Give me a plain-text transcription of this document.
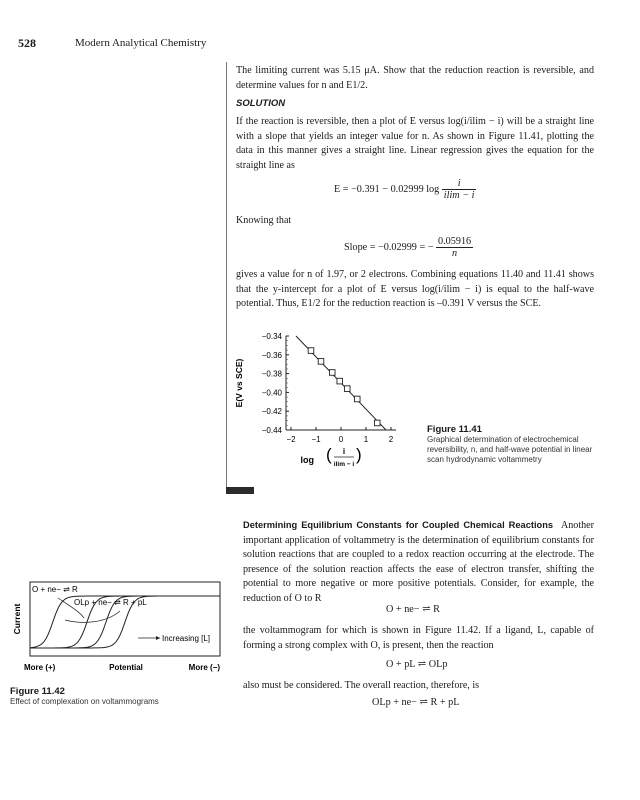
528	Modern Analytical Chemistry

The limiting current was 5.15 μA. Show that the reduction reaction is reversible, and determine values for n and E1/2.

SOLUTION

If the reaction is reversible, then a plot of E versus log(i/ilim − i) will be a straight line with a slope that yields an integer value for n. As shown in Figure 11.41, plotting the data in this manner gives a straight line. Linear regression gives the equation for the straight line as

E = −0.391 − 0.02999 $\log \frac{i}{ilim - i}$
Knowing that
Slope = −0.02999 = − $\frac{0.05916}{n}$

gives a value for n of 1.97, or 2 electrons. Combining equations 11.40 and 11.41 shows that the y-intercept for a plot of E versus log(i/ilim − i) is equal to the half-wave potential. Thus, E1/2 for the reduction reaction is –0.391 V versus the SCE.

−0.34
−0.36
−0.38
−0.40
−0.42
−0.44
−2 −1 0	1	2
E(V vs SCE)
log ( i
ilim − i
)
Figure 11.41
Graphical determination of electrochemical reversibility, n, and half-wave potential in linear scan hydrodynamic voltammetry

Determining Equilibrium Constants for Coupled Chemical Reactions Another important application of voltammetry is the determination of equilibrium constants for solution reactions that are coupled to a redox reaction occurring at the electrode. The presence of the solution reaction affects the ease of electron transfer, shifting the potential to more negative or more positive potentials. Consider, for example, the reduction of O to R

O + ne− ⇌ R

the voltammogram for which is shown in Figure 11.42. If a ligand, L, capable of forming a strong complex with O, is present, then the reaction

O + pL ⇌ OLp

also must be considered. The overall reaction, therefore, is

OLp + ne− ⇌ R + pL
O + ne− ⇌ R
OLp + ne− ⇌ R + pL
Increasing [L]
Current
More (+)	Potential	More (−)
Figure 11.42
Effect of complexation on voltammograms
